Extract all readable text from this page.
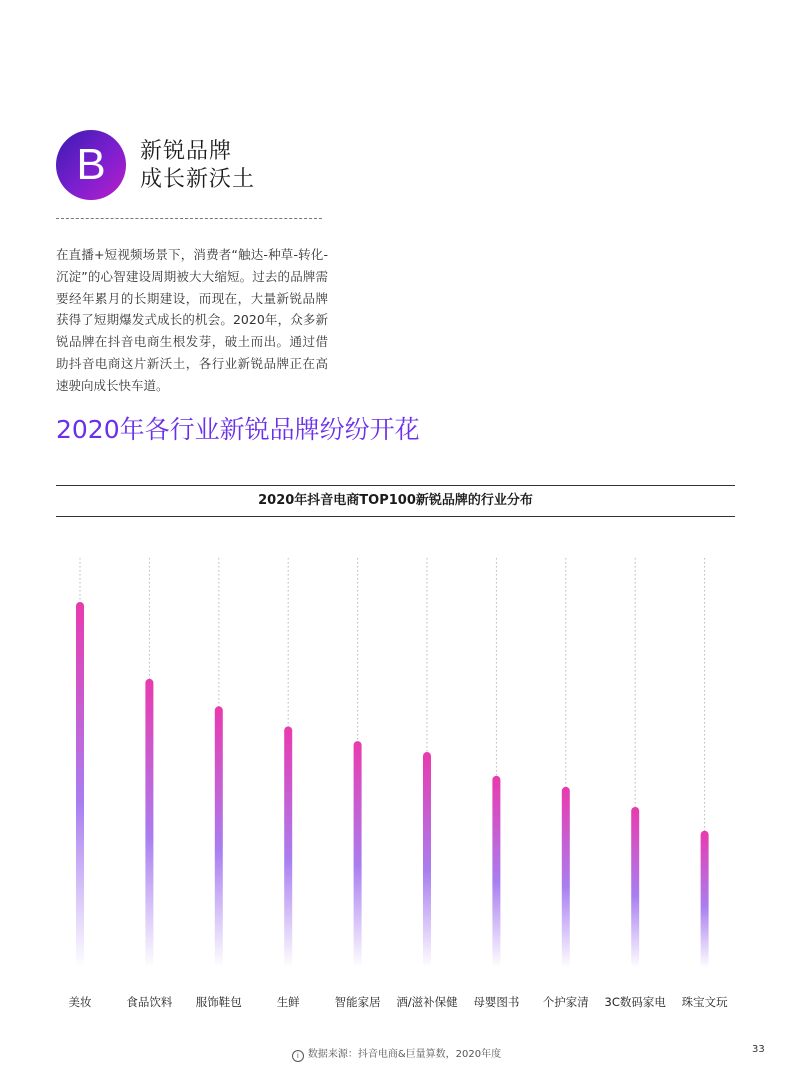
B	新锐品牌
成长新沃土
在直播+短视频场景下，消费者“触达-种草-转化-沉淀”的心智建设周期被大大缩短。过去的品牌需要经年累月的长期建设，而现在，大量新锐品牌获得了短期爆发式成长的机会。2020年，众多新锐品牌在抖音电商生根发芽，破土而出。通过借助抖音电商这片新沃土，各行业新锐品牌正在高速驶向成长快车道。
2020年各行业新锐品牌纷纷开花
2020年抖音电商TOP100新锐品牌的行业分布
美妆	食品饮料 服饰鞋包	生鲜	智能家居 酒/滋补保健 母婴图书 个护家清 3C数码家电 珠宝文玩
i 数据来源：抖音电商&巨量算数，2020年度	33
